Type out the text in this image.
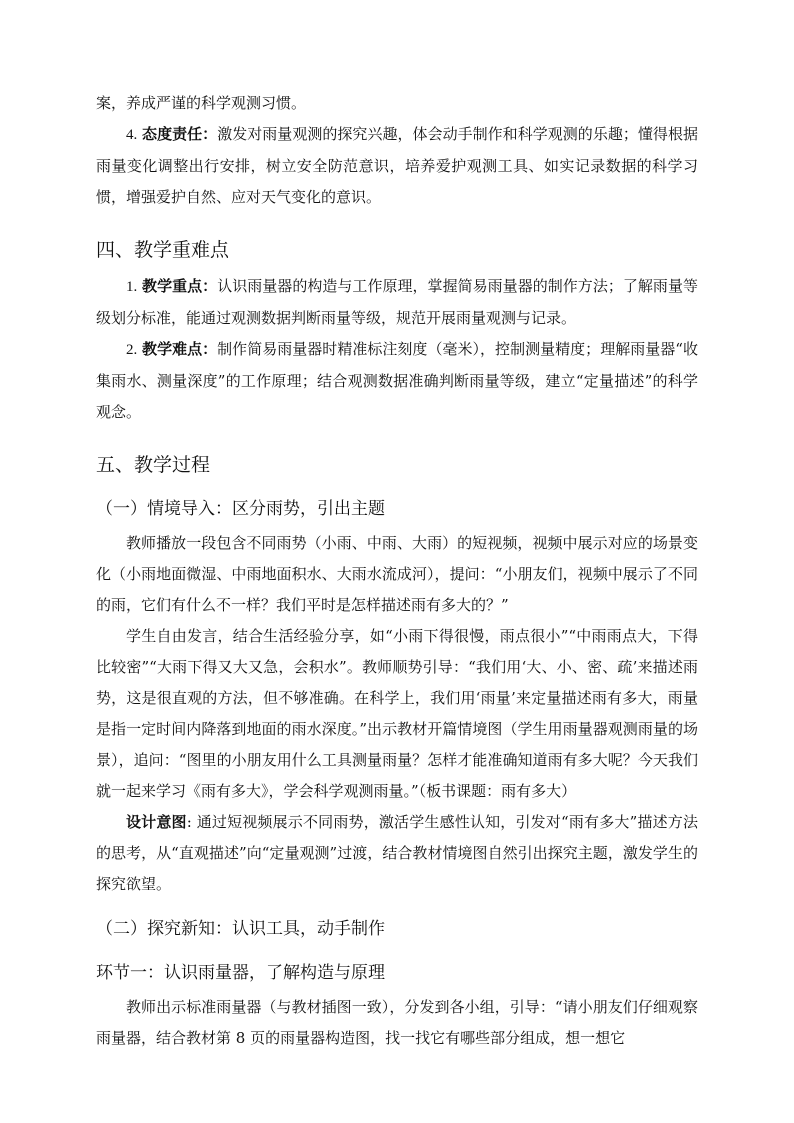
案，养成严谨的科学观测习惯。

4. 态度责任：激发对雨量观测的探究兴趣，体会动手制作和科学观测的乐趣；懂得根据雨量变化调整出行安排，树立安全防范意识，培养爱护观测工具、如实记录数据的科学习惯，增强爱护自然、应对天气变化的意识。

四、教学重难点

1. 教学重点：认识雨量器的构造与工作原理，掌握简易雨量器的制作方法；了解雨量等级划分标准，能通过观测数据判断雨量等级，规范开展雨量观测与记录。

2. 教学难点：制作简易雨量器时精准标注刻度（毫米），控制测量精度；理解雨量器“收集雨水、测量深度”的工作原理；结合观测数据准确判断雨量等级，建立“定量描述”的科学观念。

五、教学过程
（一）情境导入：区分雨势，引出主题

教师播放一段包含不同雨势（小雨、中雨、大雨）的短视频，视频中展示对应的场景变化（小雨地面微湿、中雨地面积水、大雨水流成河），提问：“小朋友们，视频中展示了不同的雨，它们有什么不一样？我们平时是怎样描述雨有多大的？”

学生自由发言，结合生活经验分享，如“小雨下得很慢，雨点很小”“中雨雨点大，下得比较密”“大雨下得又大又急，会积水”。教师顺势引导：“我们用‘大、小、密、疏’来描述雨势，这是很直观的方法，但不够准确。在科学上，我们用‘雨量’来定量描述雨有多大，雨量是指一定时间内降落到地面的雨水深度。”出示教材开篇情境图（学生用雨量器观测雨量的场景），追问：“图里的小朋友用什么工具测量雨量？怎样才能准确知道雨有多大呢？今天我们就一起来学习《雨有多大》，学会科学观测雨量。”（板书课题：雨有多大）

设计意图: 通过短视频展示不同雨势，激活学生感性认知，引发对“雨有多大”描述方法的思考，从“直观描述”向“定量观测”过渡，结合教材情境图自然引出探究主题，激发学生的探究欲望。

（二）探究新知：认识工具，动手制作
环节一：认识雨量器，了解构造与原理

教师出示标准雨量器（与教材插图一致），分发到各小组，引导：“请小朋友们仔细观察雨量器，结合教材第 8 页的雨量器构造图，找一找它有哪些部分组成，想一想它
